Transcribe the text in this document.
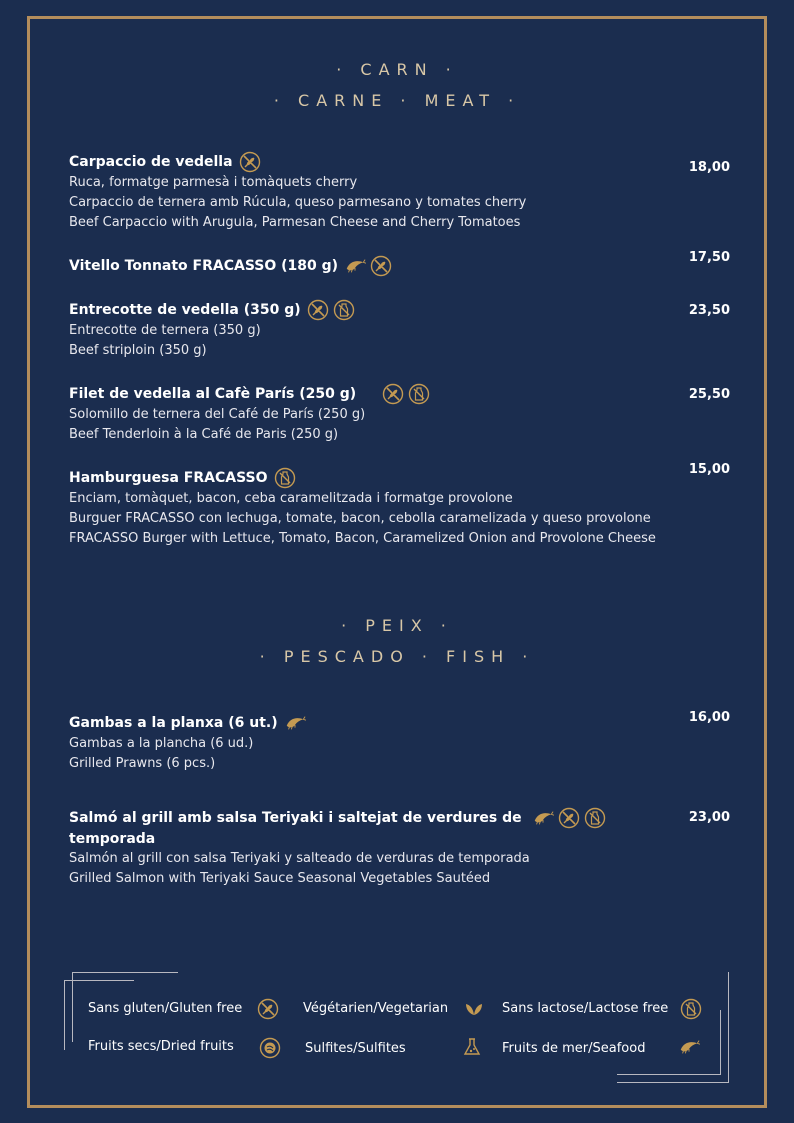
· CARN ·
· CARNE · MEAT ·
Carpaccio de vedella
Ruca, formatge parmesà i tomàquets cherry
Carpaccio de ternera amb Rúcula, queso parmesano y tomates cherry
Beef Carpaccio with Arugula, Parmesan Cheese and Cherry Tomatoes
18,00
Vitello Tonnato FRACASSO (180 g)
17,50
Entrecotte de vedella (350 g)
Entrecotte de ternera (350 g)
Beef striploin (350 g)
23,50
Filet de vedella al Cafè París (250 g)
Solomillo de ternera del Café de París (250 g)
Beef Tenderloin à la Café de Paris (250 g)
25,50
Hamburguesa FRACASSO
Enciam, tomàquet, bacon, ceba caramelitzada i formatge provolone
Burguer FRACASSO con lechuga, tomate, bacon, cebolla caramelizada y queso provolone
FRACASSO Burger with Lettuce, Tomato, Bacon, Caramelized Onion and Provolone Cheese
15,00
· PEIX ·
· PESCADO · FISH ·
Gambas a la planxa (6 ut.)
Gambas a la plancha (6 ud.)
Grilled Prawns (6 pcs.)
16,00
Salmó al grill amb salsa Teriyaki i saltejat de verdures de
temporada
Salmón al grill con salsa Teriyaki y salteado de verduras de temporada
Grilled Salmon with Teriyaki Sauce Seasonal Vegetables Sautéed
23,00
Sans gluten/Gluten free	Végétarien/Vegetarian	Sans lactose/Lactose free
Fruits secs/Dried fruits	Sulfites/Sulfites	Fruits de mer/Seafood
